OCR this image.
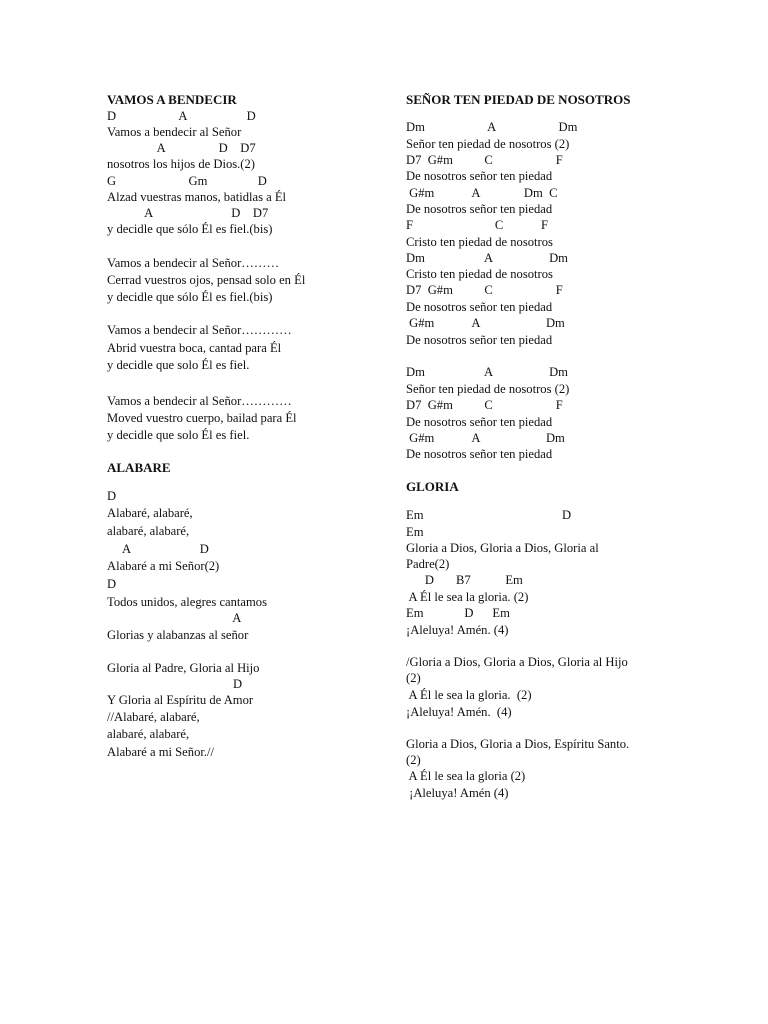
VAMOS A BENDECIR
D                    A                   D
Vamos a bendecir al Señor
A                 D    D7
nosotros los hijos de Dios.(2)
G                       Gm                D
Alzad vuestras manos, batidlas a Él
A                         D    D7
y decidle que sólo Él es fiel.(bis)
Vamos a bendecir al Señor………
Cerrad vuestros ojos, pensad solo en Él
y decidle que sólo Él es fiel.(bis)
Vamos a bendecir al Señor…………
Abrid vuestra boca, cantad para Él
y decidle que solo Él es fiel.
Vamos a bendecir al Señor…………
Moved vuestro cuerpo, bailad para Él
y decidle que solo Él es fiel.
ALABARE
D
Alabaré, alabaré,
alabaré, alabaré,
A                      D
Alabaré a mi Señor(2)
D
Todos unidos, alegres cantamos
A
Glorias y alabanzas al señor
Gloria al Padre, Gloria al Hijo
D
Y Gloria al Espíritu de Amor
//Alabaré, alabaré,
alabaré, alabaré,
Alabaré a mi Señor.//
SEÑOR TEN PIEDAD DE NOSOTROS
Dm                    A                    Dm
Señor ten piedad de nosotros (2)
D7  G#m          C                    F
De nosotros señor ten piedad
G#m            A              Dm  C
De nosotros señor ten piedad
F                          C            F
Cristo ten piedad de nosotros
Dm                   A                  Dm
Cristo ten piedad de nosotros
D7  G#m          C                    F
De nosotros señor ten piedad
G#m            A                     Dm
De nosotros señor ten piedad
Dm                   A                  Dm
Señor ten piedad de nosotros (2)
D7  G#m          C                    F
De nosotros señor ten piedad
G#m            A                     Dm
De nosotros señor ten piedad
GLORIA
Em                                            D
Em
Gloria a Dios, Gloria a Dios, Gloria al
Padre(2)
D       B7           Em
A Él le sea la gloria. (2)
Em             D      Em
¡Aleluya! Amén. (4)
/Gloria a Dios, Gloria a Dios, Gloria al Hijo
(2)
A Él le sea la gloria.  (2)
¡Aleluya! Amén.  (4)
Gloria a Dios, Gloria a Dios, Espíritu Santo.
(2)
A Él le sea la gloria (2)
¡Aleluya! Amén (4)
